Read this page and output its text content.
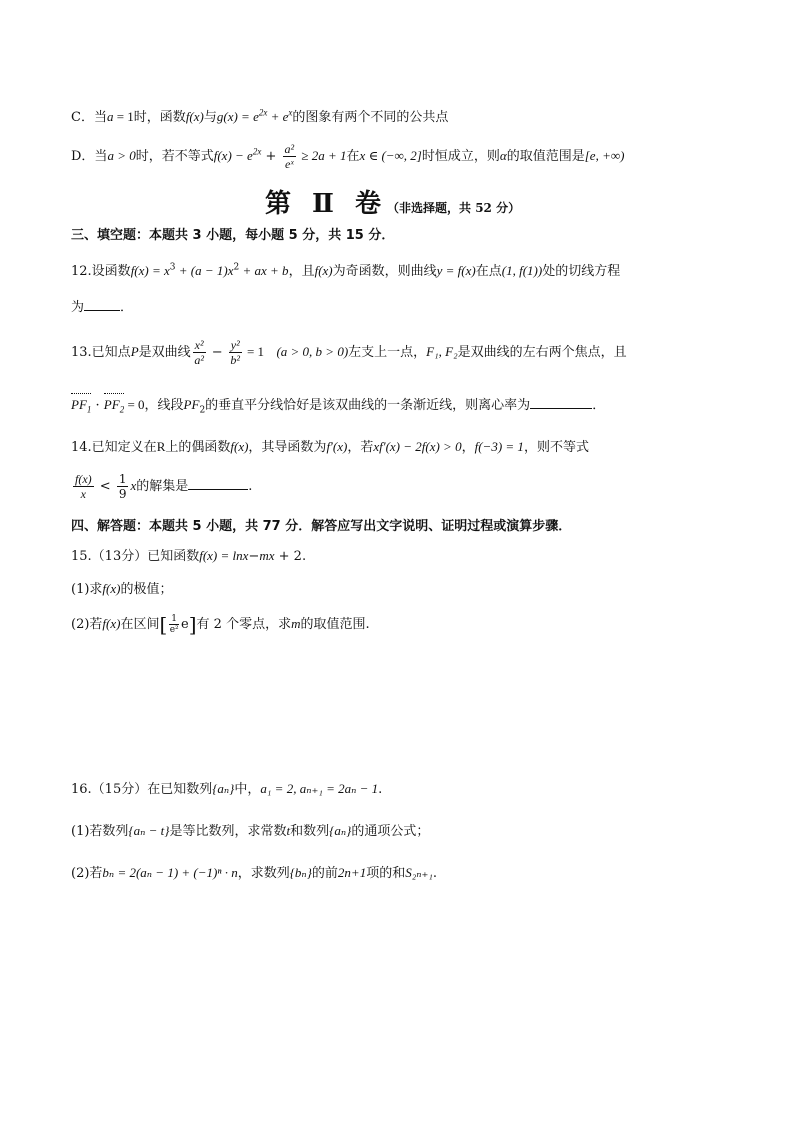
C．当a = 1时，函数f(x)与$g(x) = e^{2x} + e^x$的图象有两个不同的公共点
D．当a > 0时，若不等式$f(x) - e^{2x} + \frac{\text{a²}}{\text{eˣ}} \ge 2a + 1$在x ∈ (−∞, 2]时恒成立，则α的取值范围是[e, +∞)
第 Ⅱ 卷（非选择题，共 52 分）
三、填空题：本题共 3 小题，每小题 5 分，共 15 分．
12.设函数$f(x) = x^3 + (a - 1)x^2$ + ax + b，且f(x)为奇函数，则曲线y = f(x)在点(1, f(1))处的切线方程
为	．
13.已知点P是双曲线 $\frac{\text{x²}}{\text{a²}} - \frac{\text{y²}}{\text{b²}} = 1$ (a > 0, b > 0)左支上一点，F₁, F₂是双曲线的左右两个焦点，且
$PF_1 \cdot PF_2 = 0$，线段$PF_2$的垂直平分线恰好是该双曲线的一条渐近线，则离心率为	．
14.已知定义在R上的偶函数f(x)，其导函数为f′(x)，若xf′(x) − 2f(x) > 0，f(−3) = 1，则不等式
$\frac{f(x)}{x} < \frac{1}{9}$ x的解集是	.
四、解答题：本题共 5 小题，共 77 分．解答应写出文字说明、证明过程或演算步骤．
15.（13分）已知函数f(x) = lnx−mx + 2.
(1)求f(x)的极值；
(2)若f(x)在区间[ $\frac{1}{\text{e²}} e$]有 2 个零点，求m的取值范围.
16.（15分）在已知数列{aₙ}中，a₁ = 2, aₙ₊₁ = 2aₙ − 1.
(1)若数列{aₙ − t}是等比数列，求常数t和数列{aₙ}的通项公式；
(2)若bₙ = 2(aₙ − 1) + (−1)ⁿ · n，求数列{bₙ}的前2n+1项的和S₂ₙ₊₁.
